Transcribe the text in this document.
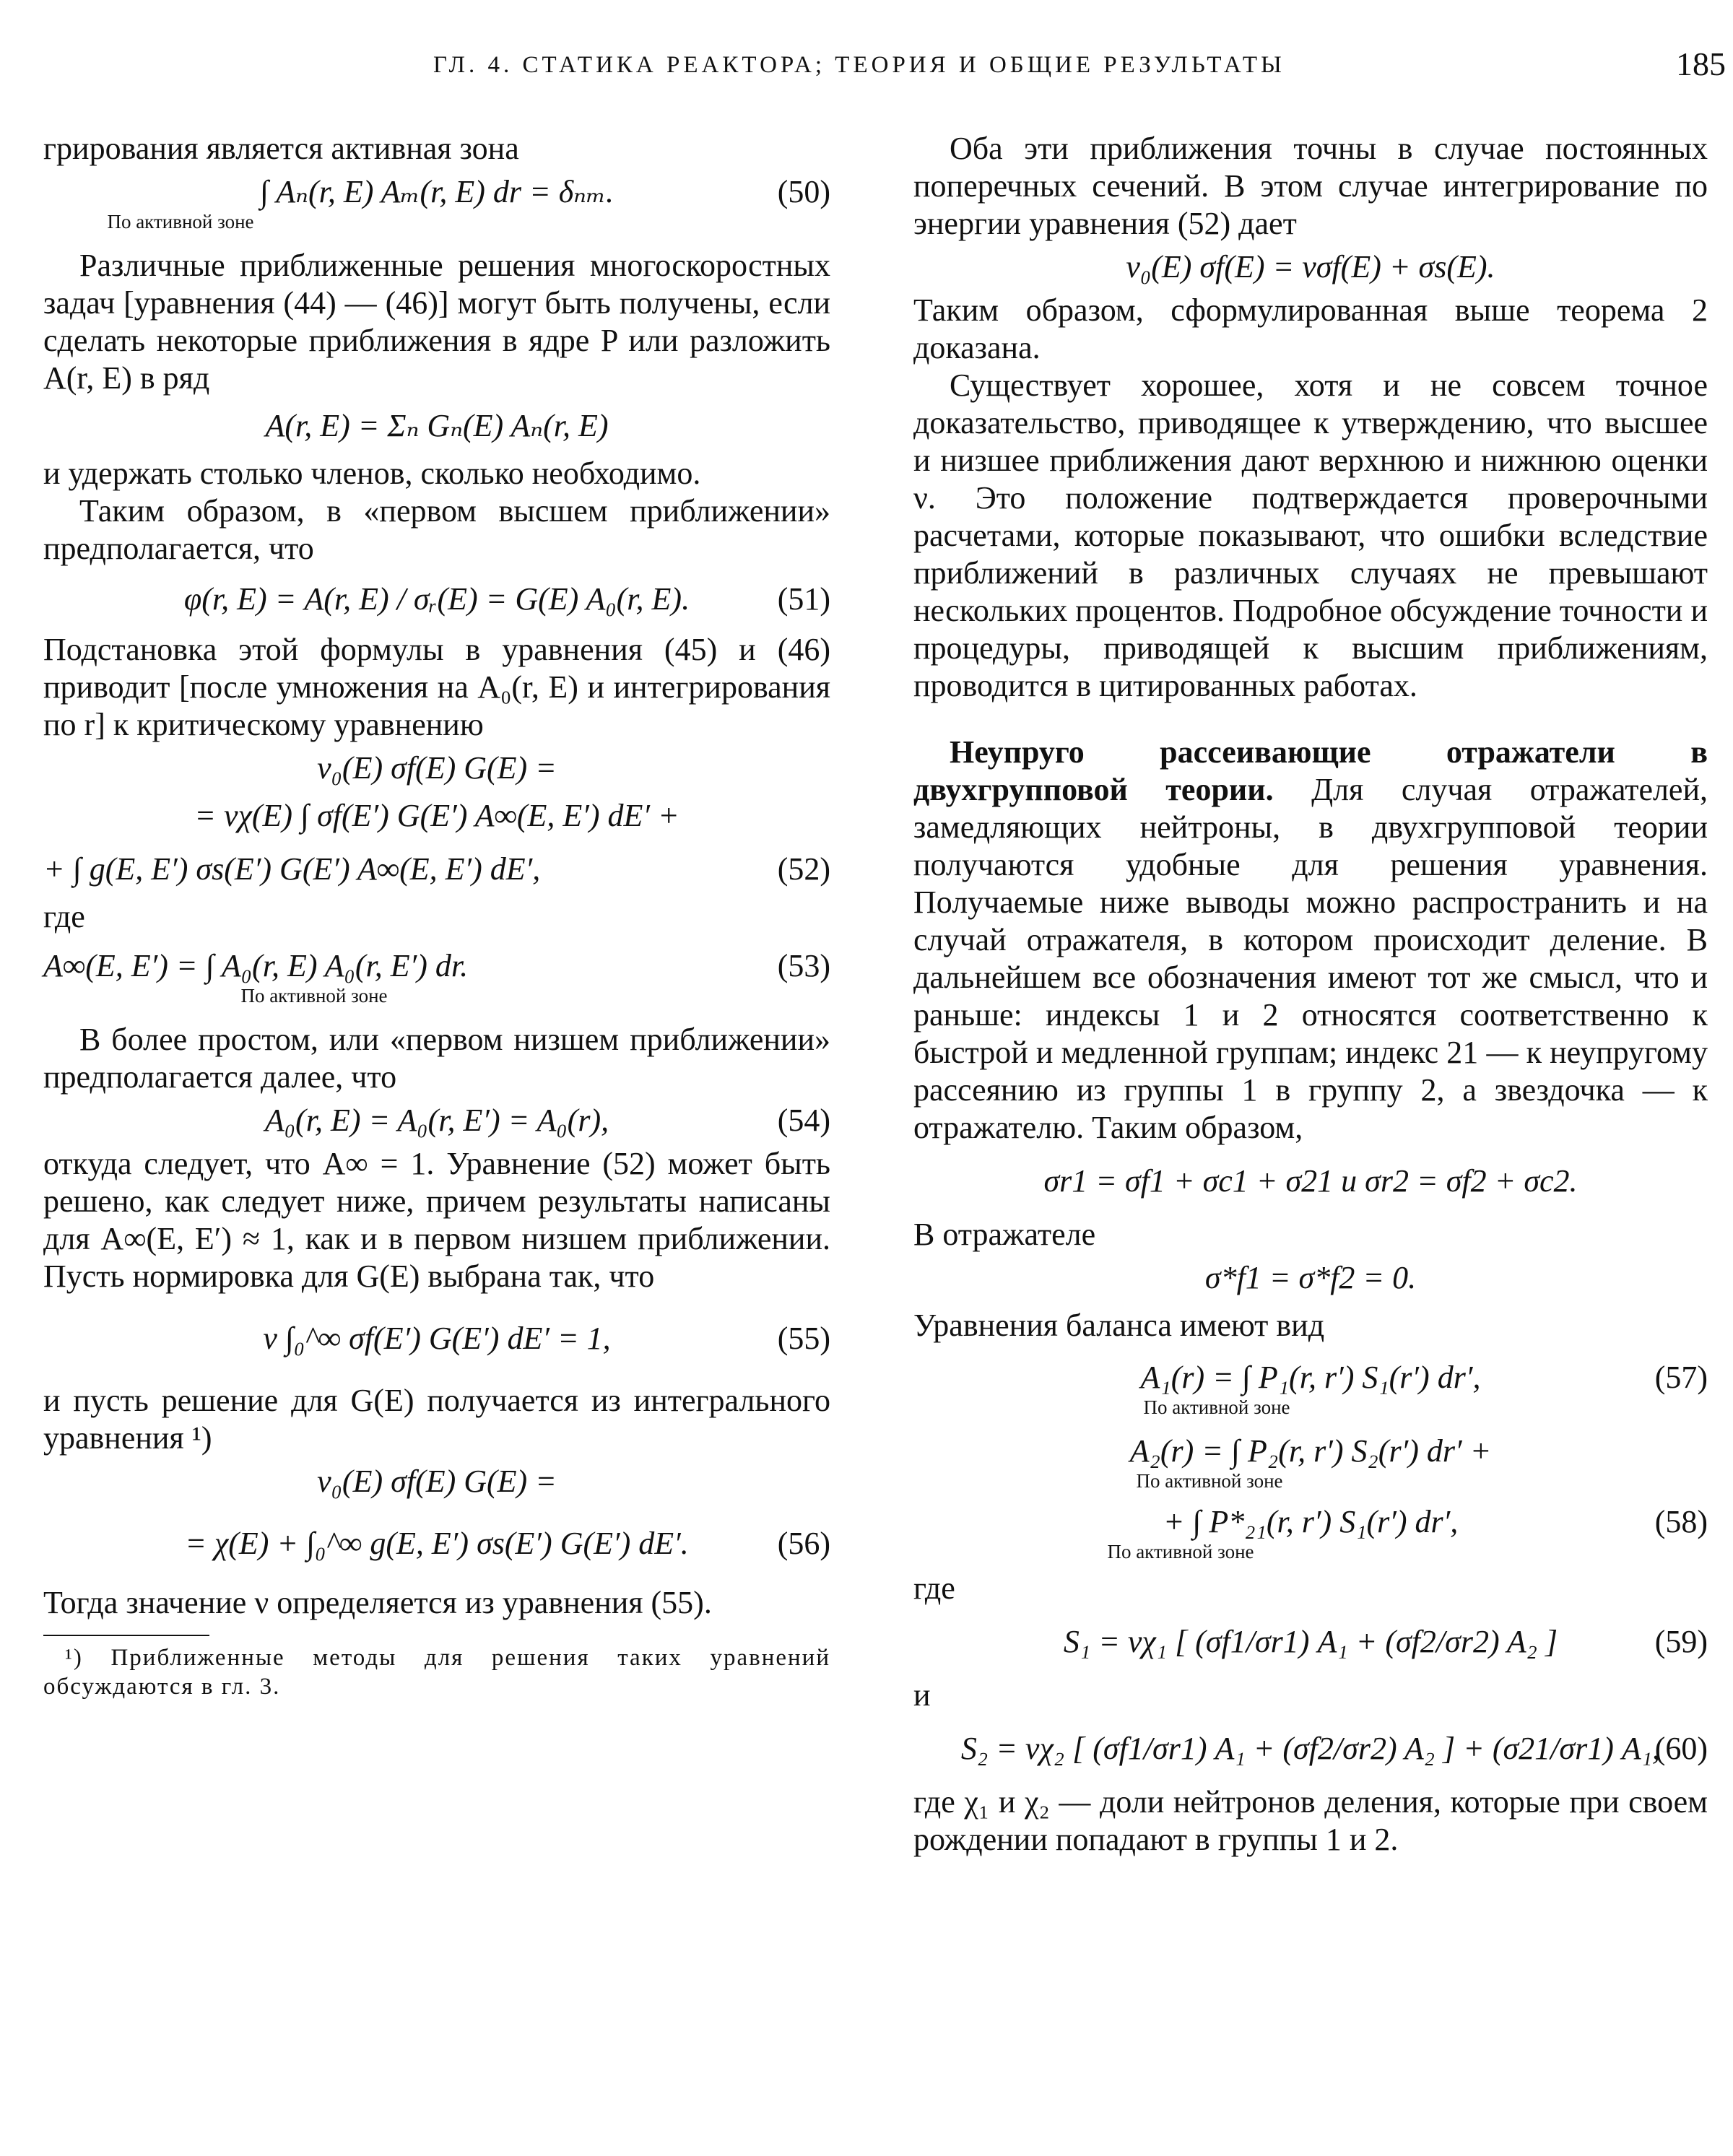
ГЛ. 4. СТАТИКА РЕАКТОРА; ТЕОРИЯ И ОБЩИЕ РЕЗУЛЬТАТЫ	185

грирования является активная зона

∫ Aₙ(r, E) Aₘ(r, E) dr = δₙₘ.	(50)
По активной зоне

Различные приближенные решения многоскоростных задач [уравнения (44) — (46)] могут быть получены, если сделать некоторые приближения в ядре P или разложить A(r, E) в ряд

A(r, E) = Σₙ Gₙ(E) Aₙ(r, E)

и удержать столько членов, сколько необходимо.

Таким образом, в «первом высшем приближении» предполагается, что

φ(r, E) = A(r, E) / σᵣ(E) = G(E) A₀(r, E).	(51)

Подстановка этой формулы в уравнения (45) и (46) приводит [после умножения на A₀(r, E) и интегрирования по r] к критическому уравнению

ν₀(E) σf(E) G(E) =
= νχ(E) ∫ σf(E′) G(E′) A∞(E, E′) dE′ +
+ ∫ g(E, E′) σs(E′) G(E′) A∞(E, E′) dE′,	(52)

где

A∞(E, E′) = ∫ A₀(r, E) A₀(r, E′) dr.	(53)
По активной зоне

В более простом, или «первом низшем приближении» предполагается далее, что

A₀(r, E) = A₀(r, E′) = A₀(r),	(54)

откуда следует, что A∞ = 1. Уравнение (52) может быть решено, как следует ниже, причем результаты написаны для A∞(E, E′) ≈ 1, как и в первом низшем приближении. Пусть нормировка для G(E) выбрана так, что

ν ∫₀^∞ σf(E′) G(E′) dE′ = 1,	(55)

и пусть решение для G(E) получается из интегрального уравнения ¹)

ν₀(E) σf(E) G(E) =
= χ(E) + ∫₀^∞ g(E, E′) σs(E′) G(E′) dE′.	(56)

Тогда значение ν определяется из уравнения (55).

¹) Приближенные методы для решения таких уравнений обсуждаются в гл. 3.

Оба эти приближения точны в случае постоянных поперечных сечений. В этом случае интегрирование по энергии уравнения (52) дает

ν₀(E) σf(E) = νσf(E) + σs(E).

Таким образом, сформулированная выше теорема 2 доказана.

Существует хорошее, хотя и не совсем точное доказательство, приводящее к утверждению, что высшее и низшее приближения дают верхнюю и нижнюю оценки ν. Это положение подтверждается проверочными расчетами, которые показывают, что ошибки вследствие приближений в различных случаях не превышают нескольких процентов. Подробное обсуждение точности и процедуры, приводящей к высшим приближениям, проводится в цитированных работах.

Неупруго рассеивающие отражатели в двухгрупповой теории. Для случая отражателей, замедляющих нейтроны, в двухгрупповой теории получаются удобные для решения уравнения. Получаемые ниже выводы можно распространить и на случай отражателя, в котором происходит деление. В дальнейшем все обозначения имеют тот же смысл, что и раньше: индексы 1 и 2 относятся соответственно к быстрой и медленной группам; индекс 21 — к неупругому рассеянию из группы 1 в группу 2, а звездочка — к отражателю. Таким образом,

σr1 = σf1 + σc1 + σ21 и σr2 = σf2 + σc2.

В отражателе

σ*f1 = σ*f2 = 0.

Уравнения баланса имеют вид

A₁(r) = ∫ P₁(r, r′) S₁(r′) dr′,	(57)
По активной зоне
A₂(r) = ∫ P₂(r, r′) S₂(r′) dr′ +
По активной зоне
+ ∫ P*₂₁(r, r′) S₁(r′) dr′,	(58)
По активной зоне

где

S₁ = νχ₁ [ (σf1/σr1) A₁ + (σf2/σr2) A₂ ]	(59)

и

S₂ = νχ₂ [ (σf1/σr1) A₁ + (σf2/σr2) A₂ ] + (σ21/σr1) A₁,
(60)

где χ₁ и χ₂ — доли нейтронов деления, которые при своем рождении попадают в группы 1 и 2.
